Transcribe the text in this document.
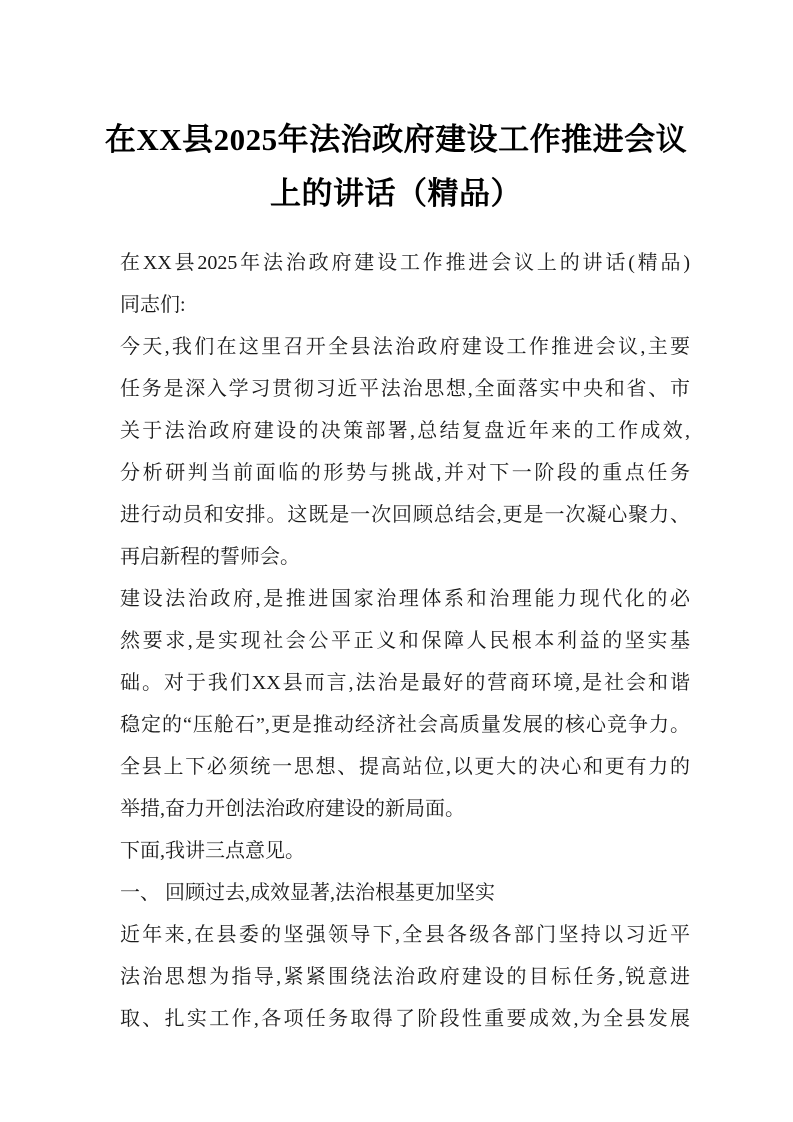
在XX县2025年法治政府建设工作推进会议
上的讲话（精品）
在XX县2025年法治政府建设工作推进会议上的讲话(精品)
同志们:
今天,我们在这里召开全县法治政府建设工作推进会议,主要
任务是深入学习贯彻习近平法治思想,全面落实中央和省、市
关于法治政府建设的决策部署,总结复盘近年来的工作成效,
分析研判当前面临的形势与挑战,并对下一阶段的重点任务
进行动员和安排。这既是一次回顾总结会,更是一次凝心聚力、
再启新程的誓师会。
建设法治政府,是推进国家治理体系和治理能力现代化的必
然要求,是实现社会公平正义和保障人民根本利益的坚实基
础。对于我们XX县而言,法治是最好的营商环境,是社会和谐
稳定的“压舱石”,更是推动经济社会高质量发展的核心竞争力。
全县上下必须统一思想、提高站位,以更大的决心和更有力的
举措,奋力开创法治政府建设的新局面。
下面,我讲三点意见。
一、 回顾过去,成效显著,法治根基更加坚实
近年来,在县委的坚强领导下,全县各级各部门坚持以习近平
法治思想为指导,紧紧围绕法治政府建设的目标任务,锐意进
取、扎实工作,各项任务取得了阶段性重要成效,为全县发展
